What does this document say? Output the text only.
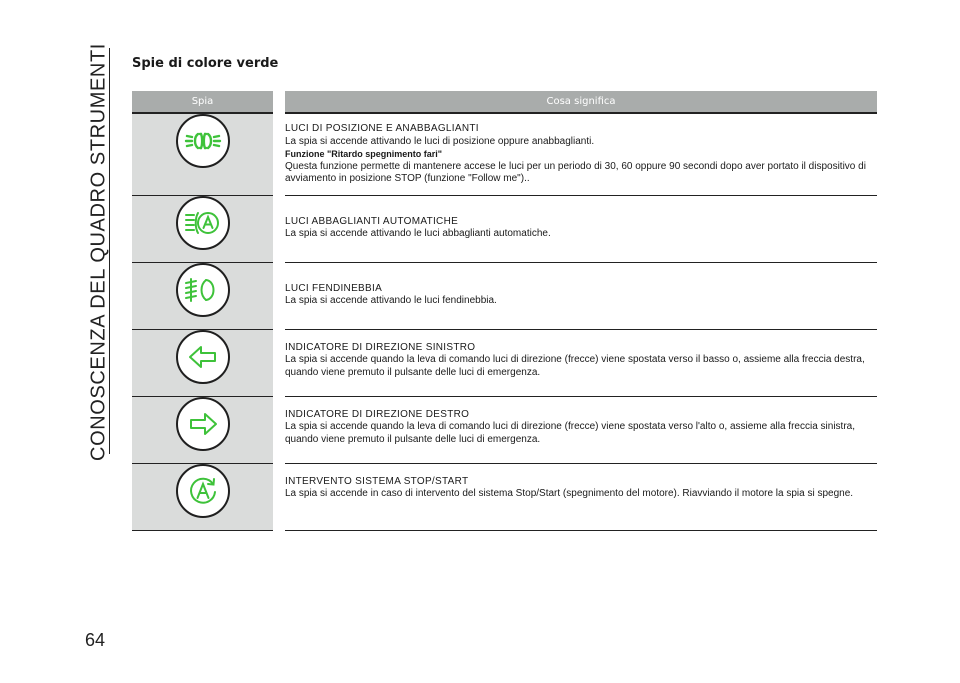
CONOSCENZA DEL QUADRO STRUMENTI
64
Spie di colore verde
Spia	Cosa significa

LUCI DI POSIZIONE E ANABBAGLIANTI
La spia si accende attivando le luci di posizione oppure anabbaglianti.
Funzione "Ritardo spegnimento fari"
Questa funzione permette di mantenere accese le luci per un periodo di 30, 60 oppure 90 secondi dopo aver portato il dispositivo di avviamento in posizione STOP (funzione "Follow me")..

LUCI ABBAGLIANTI AUTOMATICHE
La spia si accende attivando le luci abbaglianti automatiche.

LUCI FENDINEBBIA
La spia si accende attivando le luci fendinebbia.

INDICATORE DI DIREZIONE SINISTRO
La spia si accende quando la leva di comando luci di direzione (frecce) viene spostata verso il basso o, assieme alla freccia destra, quando viene premuto il pulsante delle luci di emergenza.

INDICATORE DI DIREZIONE DESTRO
La spia si accende quando la leva di comando luci di direzione (frecce) viene spostata verso l'alto o, assieme alla freccia sinistra, quando viene premuto il pulsante delle luci di emergenza.

INTERVENTO SISTEMA STOP/START
La spia si accende in caso di intervento del sistema Stop/Start (spegnimento del motore). Riavviando il motore la spia si spegne.
